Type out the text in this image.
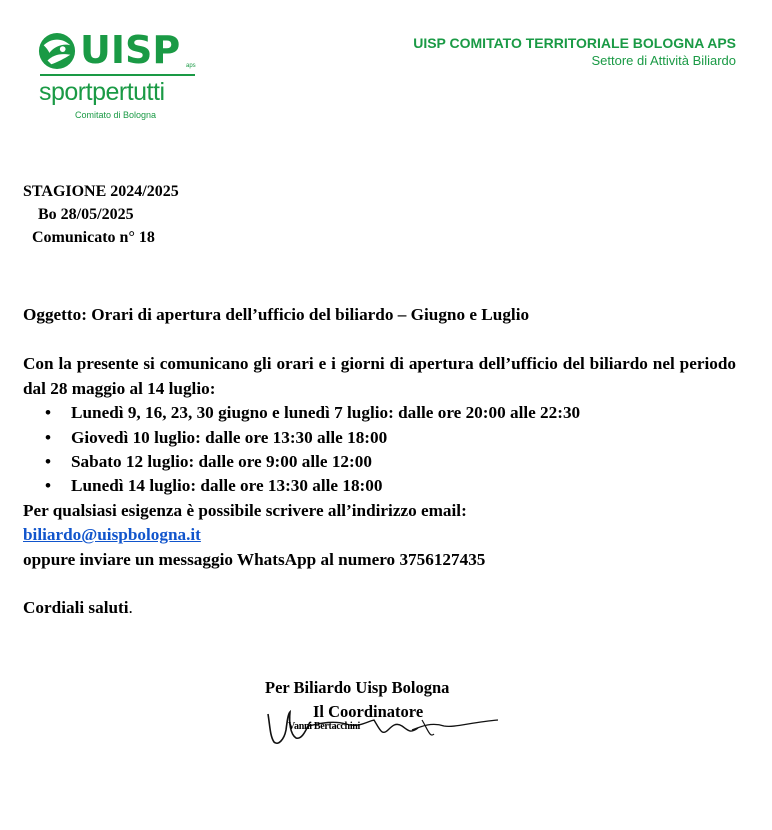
UISP aps
sportpertutti
Comitato di Bologna
UISP COMITATO TERRITORIALE BOLOGNA APS
Settore di Attività Biliardo
STAGIONE 2024/2025
Bo 28/05/2025
Comunicato n° 18
Oggetto: Orari di apertura dell’ufficio del biliardo – Giugno e Luglio
Con la presente si comunicano gli orari e i giorni di apertura dell’ufficio del biliardo nel periodo dal 28 maggio al 14 luglio:
• Lunedì 9, 16, 23, 30 giugno e lunedì 7 luglio: dalle ore 20:00 alle 22:30
• Giovedì 10 luglio: dalle ore 13:30 alle 18:00
• Sabato 12 luglio: dalle ore 9:00 alle 12:00
• Lunedì 14 luglio: dalle ore 13:30 alle 18:00
Per qualsiasi esigenza è possibile scrivere all’indirizzo email:
biliardo@uispbologna.it
oppure inviare un messaggio WhatsApp al numero 3756127435
Cordiali saluti.
Per Biliardo Uisp Bologna
Il Coordinatore
Vanni Bertacchini
